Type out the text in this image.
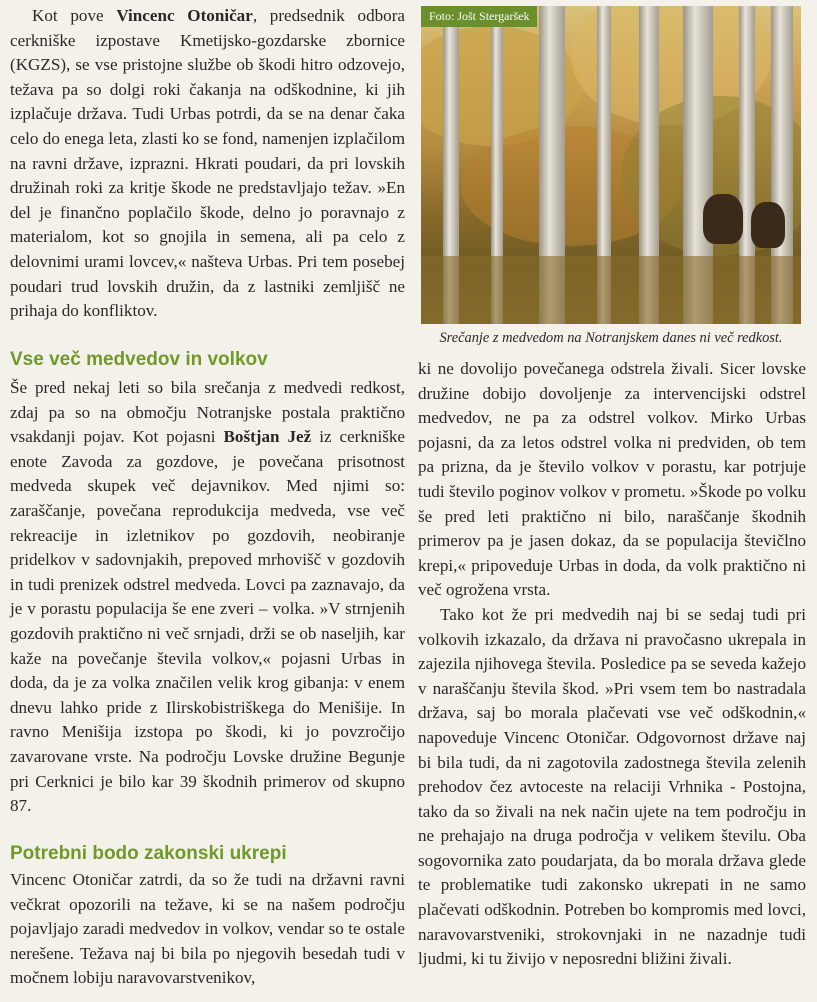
Kot pove Vincenc Otoničar, predsednik odbora cerkniške izpostave Kmetijsko-gozdarske zbornice (KGZS), se vse pristojne službe ob škodi hitro odzovejo, težava pa so dolgi roki čakanja na odškodnine, ki jih izplačuje država. Tudi Urbas potrdi, da se na denar čaka celo do enega leta, zlasti ko se fond, namenjen izplačilom na ravni države, izprazni. Hkrati poudari, da pri lovskih družinah roki za kritje škode ne predstavljajo težav. »En del je finančno poplačilo škode, delno jo poravnajo z materialom, kot so gnojila in semena, ali pa celo z delovnimi urami lovcev,« našteva Urbas. Pri tem posebej poudari trud lovskih družin, da z lastniki zemljišč ne prihaja do konfliktov.

Vse več medvedov in volkov

Še pred nekaj leti so bila srečanja z medvedi redkost, zdaj pa so na območju Notranjske postala praktično vsakdanji pojav. Kot pojasni Boštjan Jež iz cerkniške enote Zavoda za gozdove, je povečana prisotnost medveda skupek več dejavnikov. Med njimi so: zaraščanje, povečana reprodukcija medveda, vse več rekreacije in izletnikov po gozdovih, neobiranje pridelkov v sadovnjakih, prepoved mrhovišč v gozdovih in tudi prenizek odstrel medveda. Lovci pa zaznavajo, da je v porastu populacija še ene zveri – volka. »V strnjenih gozdovih praktično ni več srnjadi, drži se ob naseljih, kar kaže na povečanje števila volkov,« pojasni Urbas in doda, da je za volka značilen velik krog gibanja: v enem dnevu lahko pride z Ilirskobistriškega do Menišije. In ravno Menišija izstopa po škodi, ki jo povzročijo zavarovane vrste. Na področju Lovske družine Begunje pri Cerknici je bilo kar 39 škodnih primerov od skupno 87.

Potrebni bodo zakonski ukrepi

Vincenc Otoničar zatrdi, da so že tudi na državni ravni večkrat opozorili na težave, ki se na našem področju pojavljajo zaradi medvedov in volkov, vendar so te ostale nerešene. Težava naj bi bila po njegovih besedah tudi v močnem lobiju naravovarstvenikov,

Foto: Jošt Stergaršek
Srečanje z medvedom na Notranjskem danes ni več redkost.

ki ne dovolijo povečanega odstrela živali. Sicer lovske družine dobijo dovoljenje za intervencijski odstrel medvedov, ne pa za odstrel volkov. Mirko Urbas pojasni, da za letos odstrel volka ni predviden, ob tem pa prizna, da je število volkov v porastu, kar potrjuje tudi število poginov volkov v prometu. »Škode po volku še pred leti praktično ni bilo, naraščanje škodnih primerov pa je jasen dokaz, da se populacija števičlno krepi,« pripoveduje Urbas in doda, da volk praktično ni več ogrožena vrsta.

Tako kot že pri medvedih naj bi se sedaj tudi pri volkovih izkazalo, da država ni pravočasno ukrepala in zajezila njihovega števila. Posledice pa se seveda kažejo v naraščanju števila škod. »Pri vsem tem bo nastradala država, saj bo morala plačevati vse več odškodnin,« napoveduje Vincenc Otoničar. Odgovornost države naj bi bila tudi, da ni zagotovila zadostnega števila zelenih prehodov čez avtoceste na relaciji Vrhnika - Postojna, tako da so živali na nek način ujete na tem področju in ne prehajajo na druga področja v velikem številu. Oba sogovornika zato poudarjata, da bo morala država glede te problematike tudi zakonsko ukrepati in ne samo plačevati odškodnin. Potreben bo kompromis med lovci, naravovarstveniki, strokovnjaki in ne nazadnje tudi ljudmi, ki tu živijo v neposredni bližini živali.
